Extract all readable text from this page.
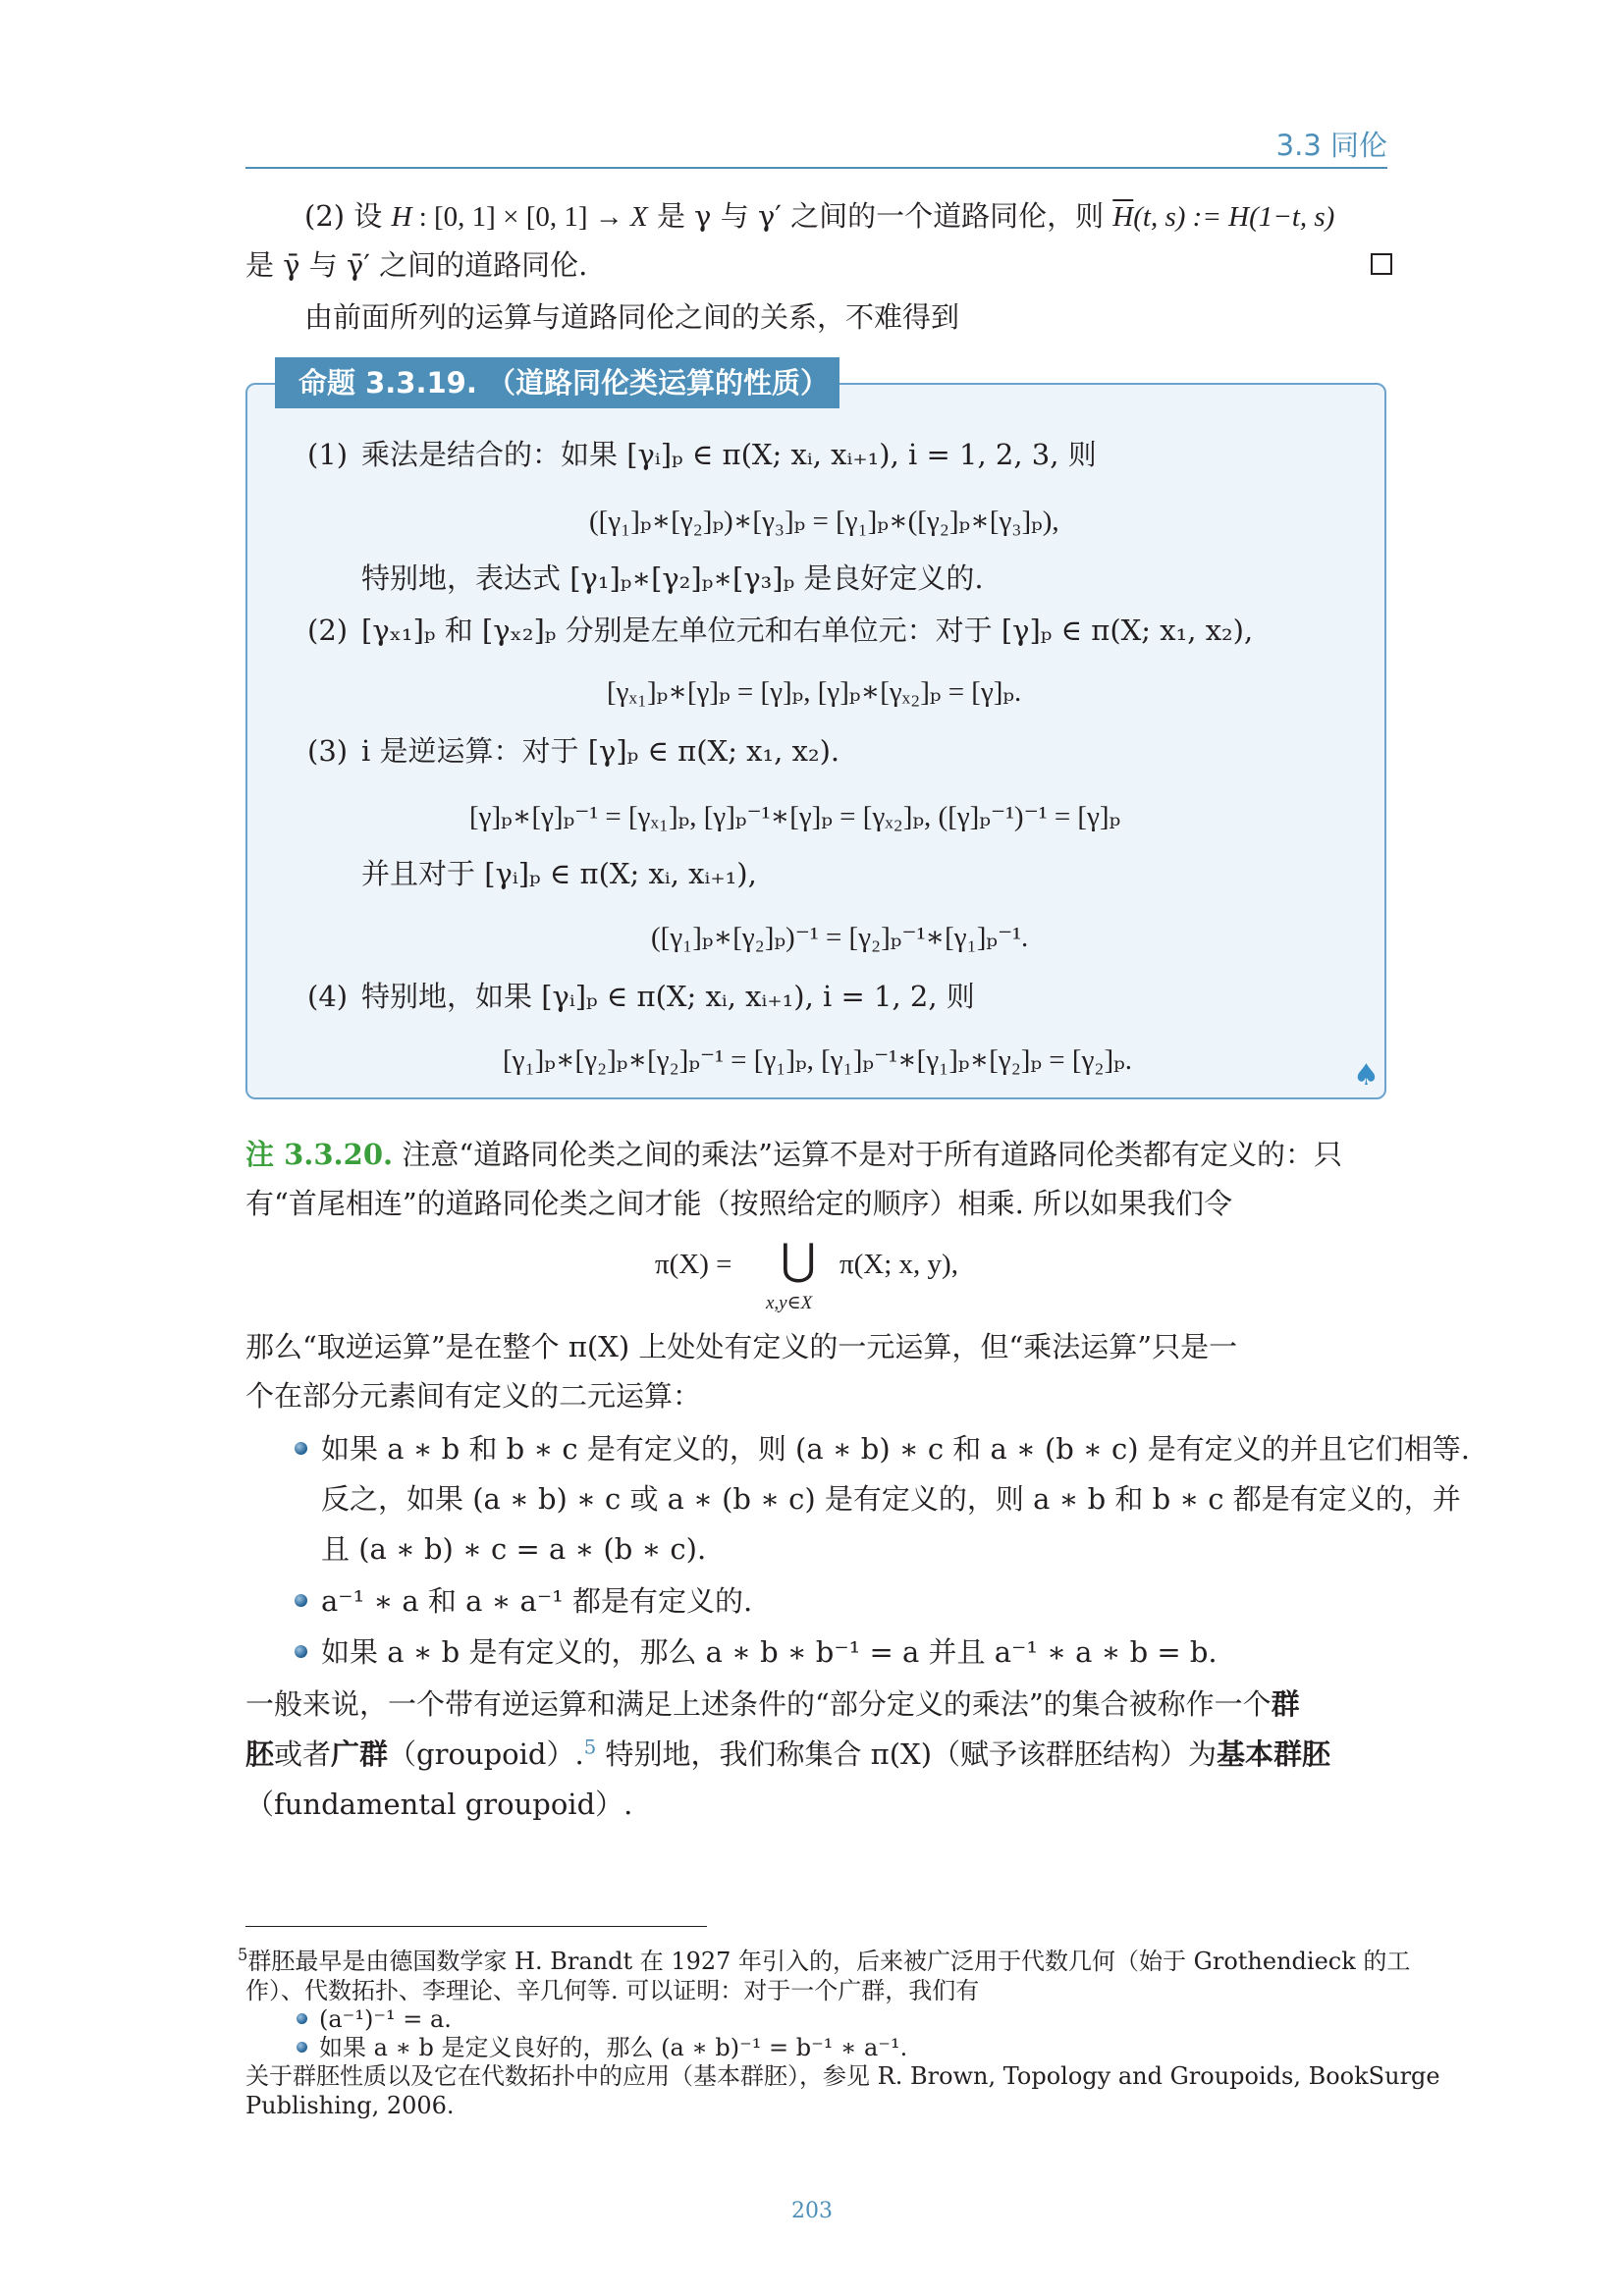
3.3 同伦
(2) 设 H : [0, 1] × [0, 1] → X 是 γ 与 γ′ 之间的一个道路同伦，则 $\overline{H}(t$, s) := H(1−t, s)
是 γ̄ 与 γ̄′ 之间的道路同伦.
由前面所列的运算与道路同伦之间的关系，不难得到
命题 3.3.19. （道路同伦类运算的性质）
(1) 乘法是结合的：如果 [γᵢ]ₚ ∈ π(X; xᵢ, xᵢ₊₁), i = 1, 2, 3, 则
([γ₁]ₚ∗[γ₂]ₚ)∗[γ₃]ₚ = [γ₁]ₚ∗([γ₂]ₚ∗[γ₃]ₚ),
特别地，表达式 [γ₁]ₚ∗[γ₂]ₚ∗[γ₃]ₚ 是良好定义的.
(2) [γₓ₁]ₚ 和 [γₓ₂]ₚ 分别是左单位元和右单位元：对于 [γ]ₚ ∈ π(X; x₁, x₂),
[γₓ₁]ₚ∗[γ]ₚ = [γ]ₚ, [γ]ₚ∗[γₓ₂]ₚ = [γ]ₚ.
(3) i 是逆运算：对于 [γ]ₚ ∈ π(X; x₁, x₂).
[γ]ₚ∗[γ]ₚ⁻¹ = [γₓ₁]ₚ, [γ]ₚ⁻¹∗[γ]ₚ = [γₓ₂]ₚ, ([γ]ₚ⁻¹)⁻¹ = [γ]ₚ
并且对于 [γᵢ]ₚ ∈ π(X; xᵢ, xᵢ₊₁),
([γ₁]ₚ∗[γ₂]ₚ)⁻¹ = [γ₂]ₚ⁻¹∗[γ₁]ₚ⁻¹.
(4) 特别地，如果 [γᵢ]ₚ ∈ π(X; xᵢ, xᵢ₊₁), i = 1, 2, 则
[γ₁]ₚ∗[γ₂]ₚ∗[γ₂]ₚ⁻¹ = [γ₁]ₚ, [γ₁]ₚ⁻¹∗[γ₁]ₚ∗[γ₂]ₚ = [γ₂]ₚ.	♠
注 3.3.20. 注意“道路同伦类之间的乘法”运算不是对于所有道路同伦类都有定义的：只
有“首尾相连”的道路同伦类之间才能（按照给定的顺序）相乘. 所以如果我们令
π(X) = ⋃
x,y∈X
π(X; x, y),
那么“取逆运算”是在整个 π(X) 上处处有定义的一元运算，但“乘法运算”只是一
个在部分元素间有定义的二元运算：
如果 a ∗ b 和 b ∗ c 是有定义的，则 (a ∗ b) ∗ c 和 a ∗ (b ∗ c) 是有定义的并且它们相等.
反之，如果 (a ∗ b) ∗ c 或 a ∗ (b ∗ c) 是有定义的，则 a ∗ b 和 b ∗ c 都是有定义的，并
且 (a ∗ b) ∗ c = a ∗ (b ∗ c).
a⁻¹ ∗ a 和 a ∗ a⁻¹ 都是有定义的.
如果 a ∗ b 是有定义的，那么 a ∗ b ∗ b⁻¹ = a 并且 a⁻¹ ∗ a ∗ b = b.
一般来说，一个带有逆运算和满足上述条件的“部分定义的乘法”的集合被称作一个群
胚或者广群（groupoid）.$^5$ 特别地，我们称集合 π(X)（赋予该群胚结构）为基本群胚
（fundamental groupoid）.
$^5$群胚最早是由德国数学家 H. Brandt 在 1927 年引入的，后来被广泛用于代数几何（始于 Grothendieck 的工
作）、代数拓扑、李理论、辛几何等. 可以证明：对于一个广群，我们有
(a⁻¹)⁻¹ = a.
如果 a ∗ b 是定义良好的，那么 (a ∗ b)⁻¹ = b⁻¹ ∗ a⁻¹.
关于群胚性质以及它在代数拓扑中的应用（基本群胚），参见 R. Brown, Topology and Groupoids, BookSurge
Publishing, 2006.
203
